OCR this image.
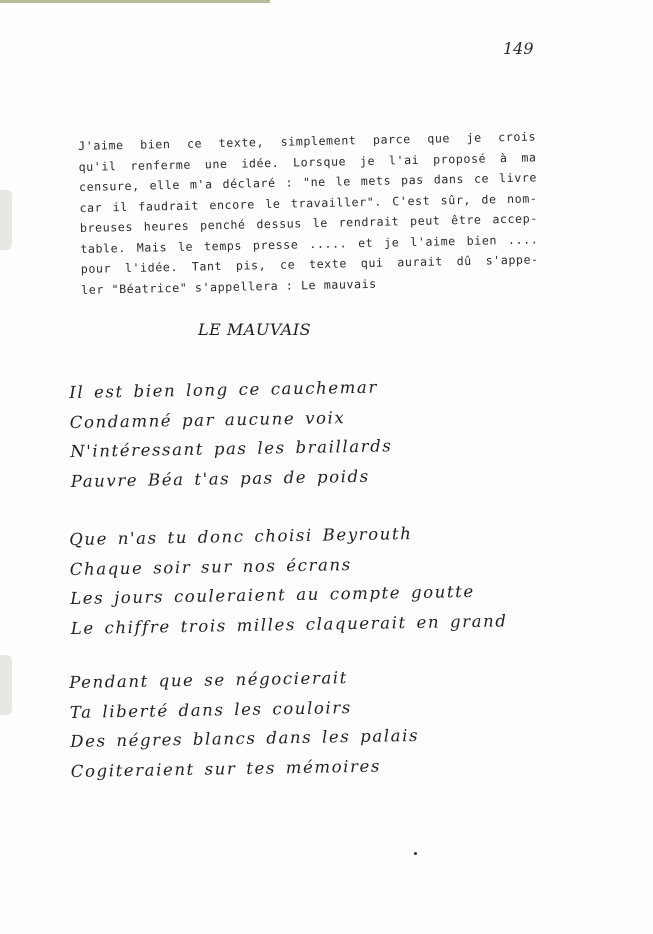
149
J'aime bien ce texte, simplement parce que je crois
qu'il renferme une idée. Lorsque je l'ai proposé à ma
censure, elle m'a déclaré : "ne le mets pas dans ce livre
car il faudrait encore le travailler". C'est sûr, de nom-
breuses heures penché dessus le rendrait peut être accep-
table. Mais le temps presse ..... et je l'aime bien ....
pour l'idée. Tant pis, ce texte qui aurait dû s'appe-
ler "Béatrice" s'appellera : Le mauvais
LE MAUVAIS
Il est bien long ce cauchemar
Condamné par aucune voix
N'intéressant pas les braillards
Pauvre Béa t'as pas de poids
Que n'as tu donc choisi Beyrouth
Chaque soir sur nos écrans
Les jours couleraient au compte goutte
Le chiffre trois milles claquerait en grand
Pendant que se négocierait
Ta liberté dans les couloirs
Des négres blancs dans les palais
Cogiteraient sur tes mémoires
